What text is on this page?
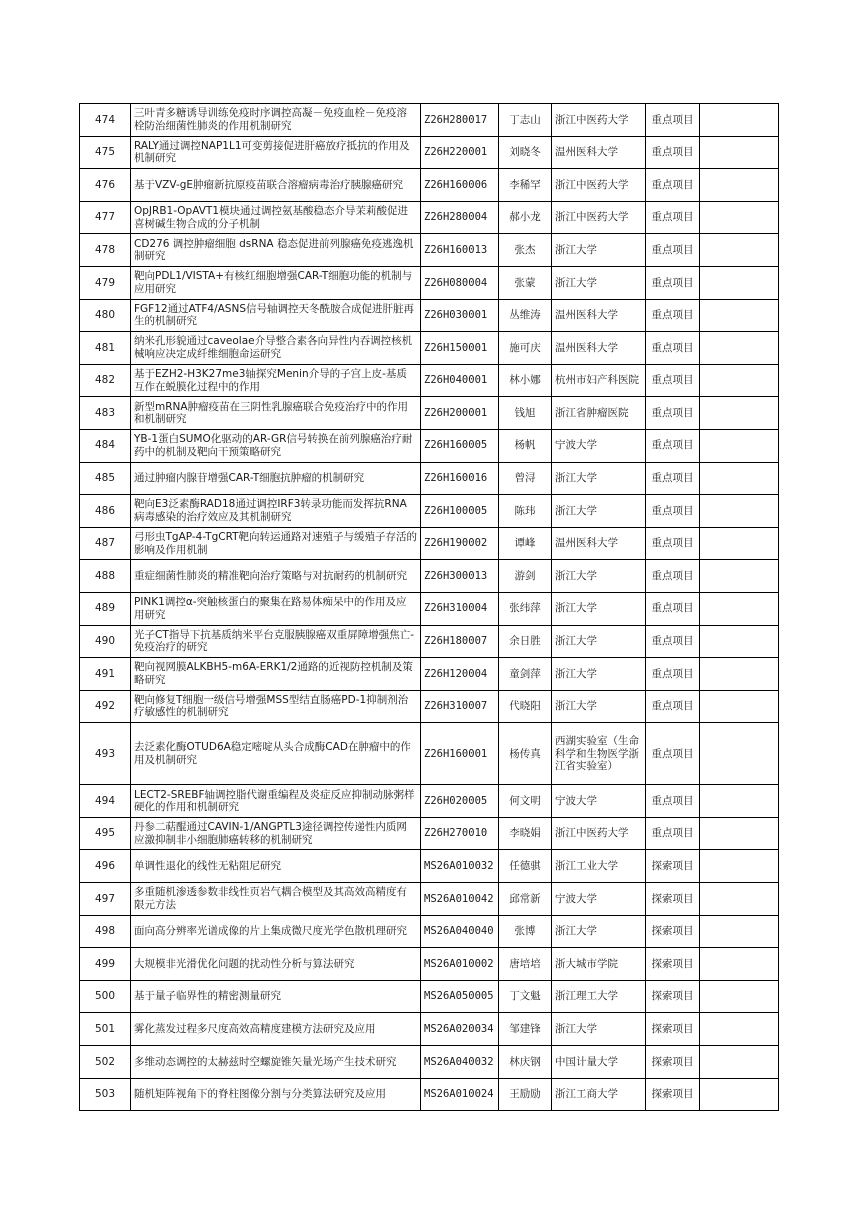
474	三叶青多糖诱导训练免疫时序调控高凝－免疫血栓－免疫溶栓防治细菌性肺炎的作用机制研究	Z26H280017	丁志山	浙江中医药大学	重点项目	
475	RALY通过调控NAP1L1可变剪接促进肝癌放疗抵抗的作用及机制研究	Z26H220001	刘晓冬	温州医科大学	重点项目	
476	基于VZV-gE肿瘤新抗原疫苗联合溶瘤病毒治疗胰腺癌研究	Z26H160006	李稀罕	浙江中医药大学	重点项目	
477	OpJRB1-OpAVT1模块通过调控氨基酸稳态介导茉莉酸促进喜树碱生物合成的分子机制	Z26H280004	郝小龙	浙江中医药大学	重点项目	
478	CD276 调控肿瘤细胞 dsRNA 稳态促进前列腺癌免疫逃逸机制研究	Z26H160013	张杰	浙江大学	重点项目	
479	靶向PDL1/VISTA+有核红细胞增强CAR-T细胞功能的机制与应用研究	Z26H080004	张蒙	浙江大学	重点项目	
480	FGF12通过ATF4/ASNS信号轴调控天冬酰胺合成促进肝脏再生的机制研究	Z26H030001	丛维涛	温州医科大学	重点项目	
481	纳米孔形貌通过caveolae介导整合素各向异性内吞调控核机械响应决定成纤维细胞命运研究	Z26H150001	施可庆	温州医科大学	重点项目	
482	基于EZH2-H3K27me3轴探究Menin介导的子宫上皮-基质互作在蜕膜化过程中的作用	Z26H040001	林小娜	杭州市妇产科医院	重点项目	
483	新型mRNA肿瘤疫苗在三阴性乳腺癌联合免疫治疗中的作用和机制研究	Z26H200001	钱旭	浙江省肿瘤医院	重点项目	
484	YB-1蛋白SUMO化驱动的AR-GR信号转换在前列腺癌治疗耐药中的机制及靶向干预策略研究	Z26H160005	杨帆	宁波大学	重点项目	
485	通过肿瘤内腺苷增强CAR-T细胞抗肿瘤的机制研究	Z26H160016	曾浔	浙江大学	重点项目	
486	靶向E3泛素酶RAD18通过调控IRF3转录功能而发挥抗RNA病毒感染的治疗效应及其机制研究	Z26H100005	陈玮	浙江大学	重点项目	
487	弓形虫TgAP-4-TgCRT靶向转运通路对速殖子与缓殖子存活的影响及作用机制	Z26H190002	谭峰	温州医科大学	重点项目	
488	重症细菌性肺炎的精准靶向治疗策略与对抗耐药的机制研究	Z26H300013	游剑	浙江大学	重点项目	
489	PINK1调控α-突触核蛋白的聚集在路易体痴呆中的作用及应用研究	Z26H310004	张纬萍	浙江大学	重点项目	
490	光子CT指导下抗基质纳米平台克服胰腺癌双重屏障增强焦亡-免疫治疗的研究	Z26H180007	余日胜	浙江大学	重点项目	
491	靶向视网膜ALKBH5-m6A-ERK1/2通路的近视防控机制及策略研究	Z26H120004	童剑萍	浙江大学	重点项目	
492	靶向修复T细胞一级信号增强MSS型结直肠癌PD-1抑制剂治疗敏感性的机制研究	Z26H310007	代晓阳	浙江大学	重点项目	
493	去泛素化酶OTUD6A稳定嘧啶从头合成酶CAD在肿瘤中的作用及机制研究	Z26H160001	杨传真	西湖实验室（生命科学和生物医学浙江省实验室）	重点项目	
494	LECT2-SREBF轴调控脂代谢重编程及炎症反应抑制动脉粥样硬化的作用和机制研究	Z26H020005	何文明	宁波大学	重点项目	
495	丹参二萜醌通过CAVIN-1/ANGPTL3途径调控传递性内质网应激抑制非小细胞肺癌转移的机制研究	Z26H270010	李晓娟	浙江中医药大学	重点项目	
496	单调性退化的线性无粘阻尼研究	MS26A010032	任德骐	浙江工业大学	探索项目	
497	多重随机渗透参数非线性页岩气耦合模型及其高效高精度有限元方法	MS26A010042	邱常新	宁波大学	探索项目	
498	面向高分辨率光谱成像的片上集成微尺度光学色散机理研究	MS26A040040	张博	浙江大学	探索项目	
499	大规模非光滑优化问题的扰动性分析与算法研究	MS26A010002	唐培培	浙大城市学院	探索项目	
500	基于量子临界性的精密测量研究	MS26A050005	丁文魁	浙江理工大学	探索项目	
501	雾化蒸发过程多尺度高效高精度建模方法研究及应用	MS26A020034	邹建锋	浙江大学	探索项目	
502	多维动态调控的太赫兹时空螺旋锥矢量光场产生技术研究	MS26A040032	林庆钢	中国计量大学	探索项目	
503	随机矩阵视角下的脊柱图像分割与分类算法研究及应用	MS26A010024	王励励	浙江工商大学	探索项目	
